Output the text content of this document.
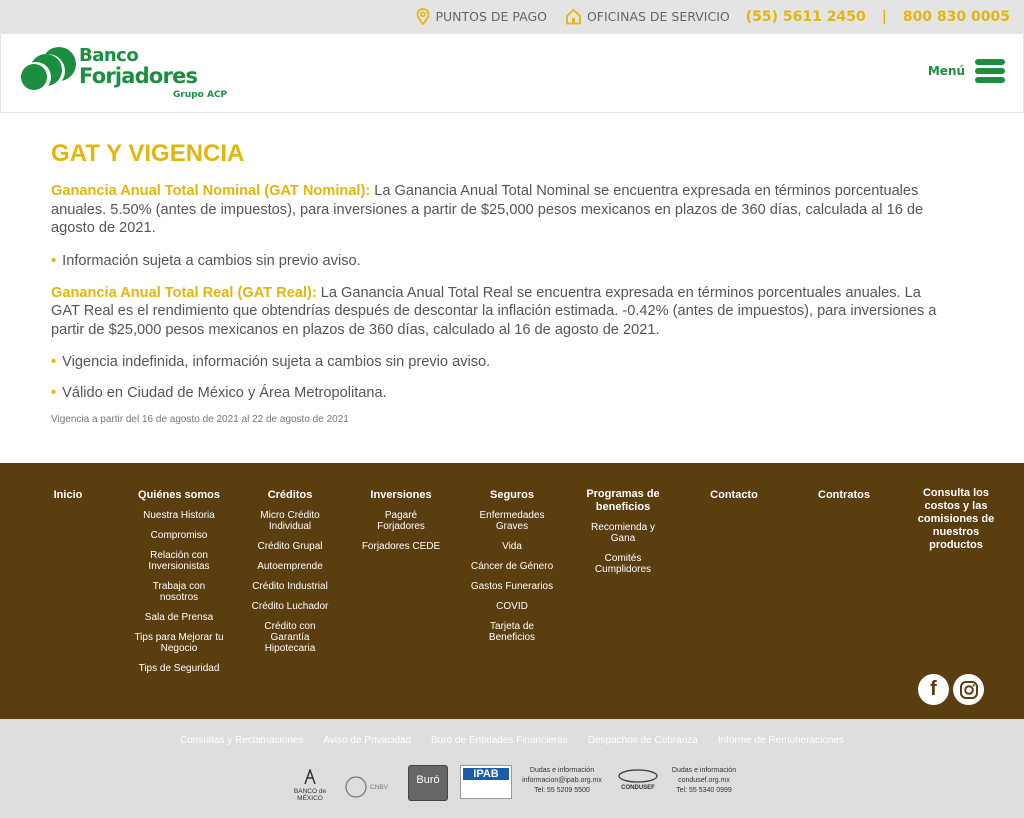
PUNTOS DE PAGO	OFICINAS DE SERVICIO (55) 5611 2450 | 800 830 0005
Banco
Forjadores
Grupo ACP
Menú
GAT Y VIGENCIA

Ganancia Anual Total Nominal (GAT Nominal): La Ganancia Anual Total Nominal se encuentra expresada en términos porcentuales anuales. 5.50% (antes de impuestos), para inversiones a partir de $25,000 pesos mexicanos en plazos de 360 días, calculada al 16 de agosto de 2021.

• Información sujeta a cambios sin previo aviso.

Ganancia Anual Total Real (GAT Real): La Ganancia Anual Total Real se encuentra expresada en términos porcentuales anuales. La GAT Real es el rendimiento que obtendrías después de descontar la inflación estimada. -0.42% (antes de impuestos), para inversiones a partir de $25,000 pesos mexicanos en plazos de 360 días, calculado al 16 de agosto de 2021.

• Vigencia indefinida, información sujeta a cambios sin previo aviso.

• Válido en Ciudad de México y Área Metropolitana.

Vigencia a partir del 16 de agosto de 2021 al 22 de agosto de 2021

Inicio	Quiénes somos
Nuestra Historia
Compromiso
Relación con Inversionistas
Trabaja con nosotros
Sala de Prensa
Tips para Mejorar tu Negocio
Tips de Seguridad
Créditos
Micro Crédito Individual
Crédito Grupal
Autoemprende
Crédito Industrial
Crédito Luchador
Crédito con Garantía Hipotecaria
Inversiones
Pagaré Forjadores
Forjadores CEDE
Seguros
Enfermedades Graves
Vida
Cáncer de Género
Gastos Funerarios
COVID
Tarjeta de Beneficios
Programas de beneficios
Recomienda y Gana
Comités Cumplidores
Contacto	Contratos	Consulta los costos y las comisiones de nuestros productos
f
Consultas y Reclamaciones Aviso de Privacidad Buró de Entidades Financieras Despachos de Cobranza Informe de Remuneraciones
BANCO de MÉXICO
CNBV
Buró	IPAB	Dudas e información
informacion@ipab.org.mx
Tel: 55 5209 5500	CONDUSEF
Dudas e información
condusef.org.mx
Tel: 55 5340 0999
